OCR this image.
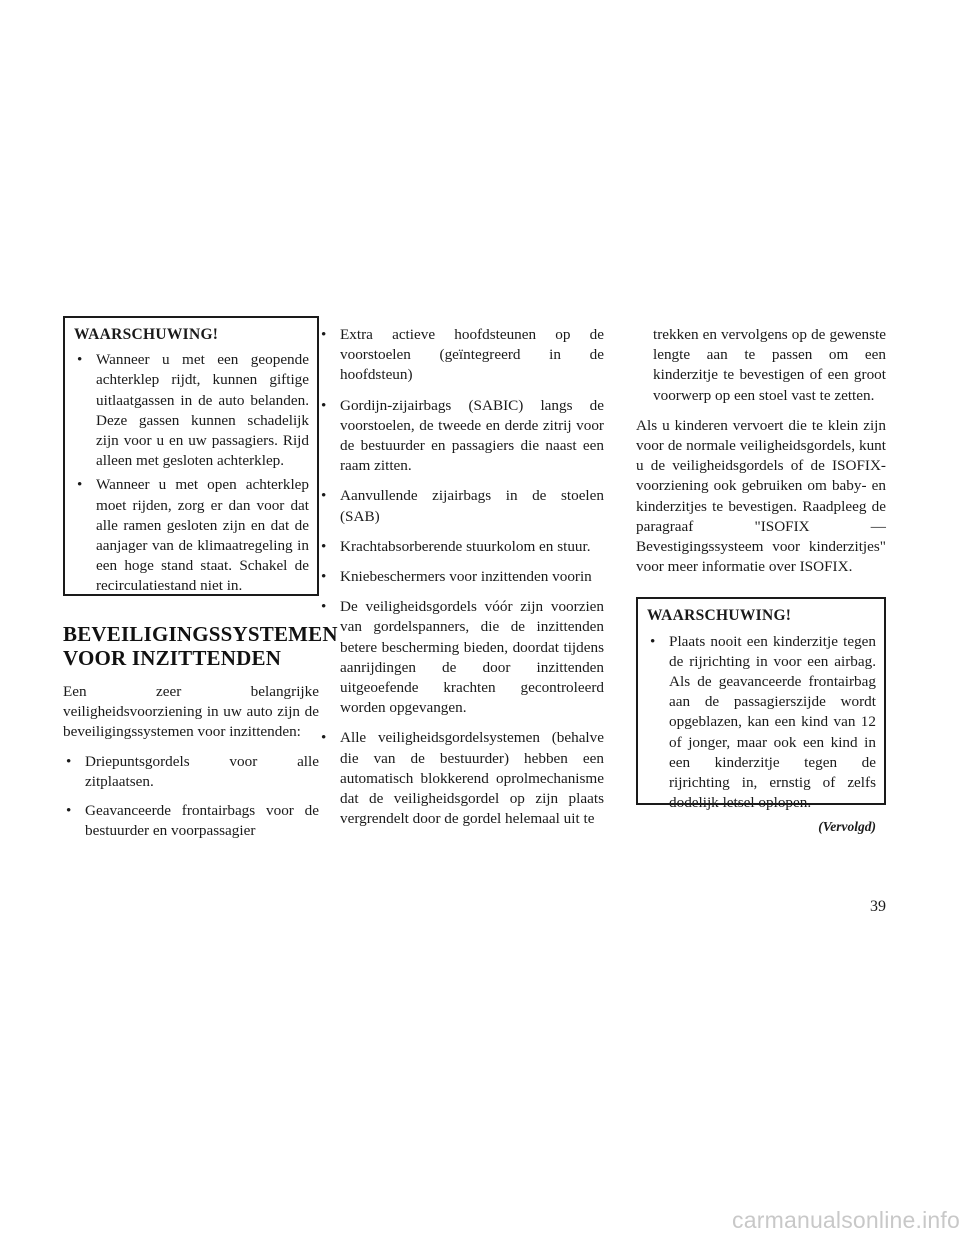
WAARSCHUWING!
• Wanneer u met een geopende achterklep rijdt, kunnen giftige uitlaatgassen in de auto belanden. Deze gassen kunnen schadelijk zijn voor u en uw passagiers. Rijd alleen met gesloten achterklep.
• Wanneer u met open achterklep moet rijden, zorg er dan voor dat alle ramen gesloten zijn en dat de aanjager van de klimaatregeling in een hoge stand staat. Schakel de recirculatiestand niet in.
BEVEILIGINGSSYSTEMEN VOOR INZITTENDEN

Een zeer belangrijke veiligheidsvoorziening in uw auto zijn de beveiligingssystemen voor inzittenden:

• Driepuntsgordels voor alle zitplaatsen.
• Geavanceerde frontairbags voor de bestuurder en voorpassagier
• Extra actieve hoofdsteunen op de voorstoelen (geïntegreerd in de hoofdsteun)
• Gordijn-zijairbags (SABIC) langs de voorstoelen, de tweede en derde zitrij voor de bestuurder en passagiers die naast een raam zitten.
• Aanvullende zijairbags in de stoelen (SAB)
• Krachtabsorberende stuurkolom en stuur.
• Kniebeschermers voor inzittenden voorin
• De veiligheidsgordels vóór zijn voorzien van gordelspanners, die de inzittenden betere bescherming bieden, doordat tijdens aanrijdingen de door inzittenden uitgeoefende krachten gecontroleerd worden opgevangen.
• Alle veiligheidsgordelsystemen (behalve die van de bestuurder) hebben een automatisch blokkerend oprolmechanisme dat de veiligheidsgordel op zijn plaats vergrendelt door de gordel helemaal uit te
trekken en vervolgens op de gewenste lengte aan te passen om een kinderzitje te bevestigen of een groot voorwerp op een stoel vast te zetten.

Als u kinderen vervoert die te klein zijn voor de normale veiligheidsgordels, kunt u de veiligheidsgordels of de ISOFIX-voorziening ook gebruiken om baby- en kinderzitjes te bevestigen. Raadpleeg de paragraaf "ISOFIX — Bevestigingssysteem voor kinderzitjes" voor meer informatie over ISOFIX.

WAARSCHUWING!
• Plaats nooit een kinderzitje tegen de rijrichting in voor een airbag. Als de geavanceerde frontairbag aan de passagierszijde wordt opgeblazen, kan een kind van 12 of jonger, maar ook een kind in een kinderzitje tegen de rijrichting in, ernstig of zelfs dodelijk letsel oplopen.
(Vervolgd)
39
carmanualsonline.info
